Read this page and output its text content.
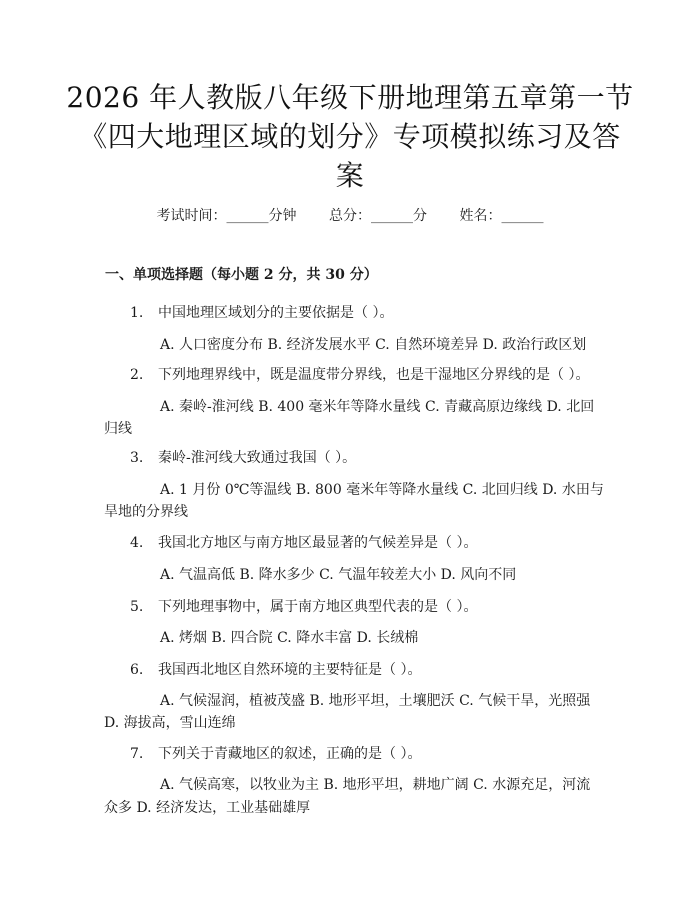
2026 年人教版八年级下册地理第五章第一节
《四大地理区域的划分》专项模拟练习及答
案
考试时间：______分钟 总分：______分 姓名：______
一、单项选择题（每小题 2 分，共 30 分）
1. 中国地理区域划分的主要依据是（ ）。
A. 人口密度分布 B. 经济发展水平 C. 自然环境差异 D. 政治行政区划
2. 下列地理界线中，既是温度带分界线，也是干湿地区分界线的是（ ）。
A. 秦岭-淮河线 B. 400 毫米年等降水量线 C. 青藏高原边缘线 D. 北回
归线
3. 秦岭-淮河线大致通过我国（ ）。
A. 1 月份 0℃等温线 B. 800 毫米年等降水量线 C. 北回归线 D. 水田与
旱地的分界线
4. 我国北方地区与南方地区最显著的气候差异是（ ）。
A. 气温高低 B. 降水多少 C. 气温年较差大小 D. 风向不同
5. 下列地理事物中，属于南方地区典型代表的是（ ）。
A. 烤烟 B. 四合院 C. 降水丰富 D. 长绒棉
6. 我国西北地区自然环境的主要特征是（ ）。
A. 气候湿润，植被茂盛 B. 地形平坦，土壤肥沃 C. 气候干旱，光照强
D. 海拔高，雪山连绵
7. 下列关于青藏地区的叙述，正确的是（ ）。
A. 气候高寒，以牧业为主 B. 地形平坦，耕地广阔 C. 水源充足，河流
众多 D. 经济发达，工业基础雄厚
